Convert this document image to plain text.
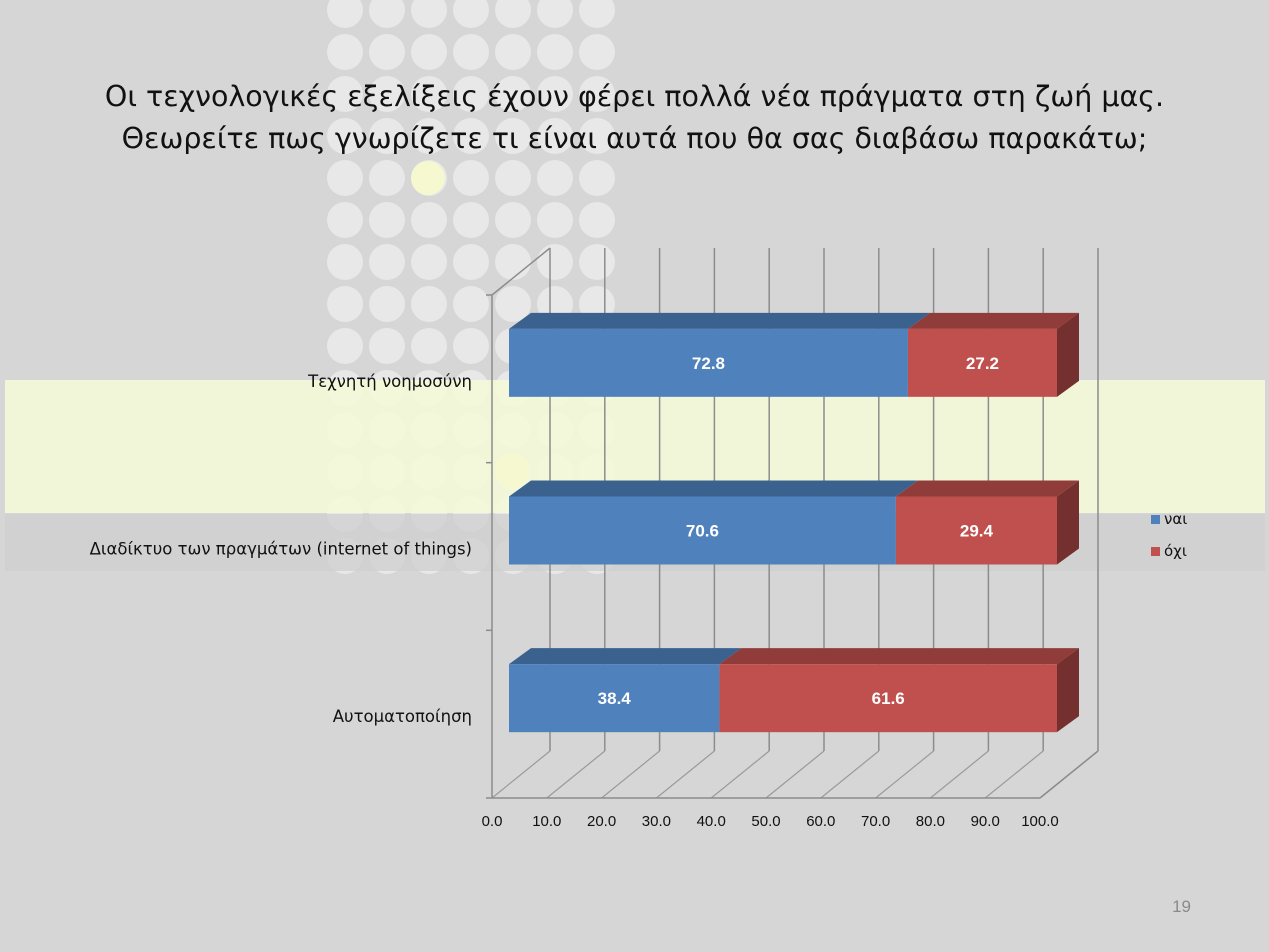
Οι τεχνολογικές εξελίξεις έχουν φέρει πολλά νέα πράγματα στη ζωή μας.
Θεωρείτε πως γνωρίζετε τι είναι αυτά που θα σας διαβάσω παρακάτω;
0.0 10.0 20.0 30.0 40.0 50.0 60.0 70.0 80.0 90.0 100.0
72.8	27.2
Τεχνητή νοημοσύνη
70.6	29.4
Διαδίκτυο των πραγμάτων (internet of things)
38.4	61.6
Αυτοματοποίηση
ναι
όχι
19
